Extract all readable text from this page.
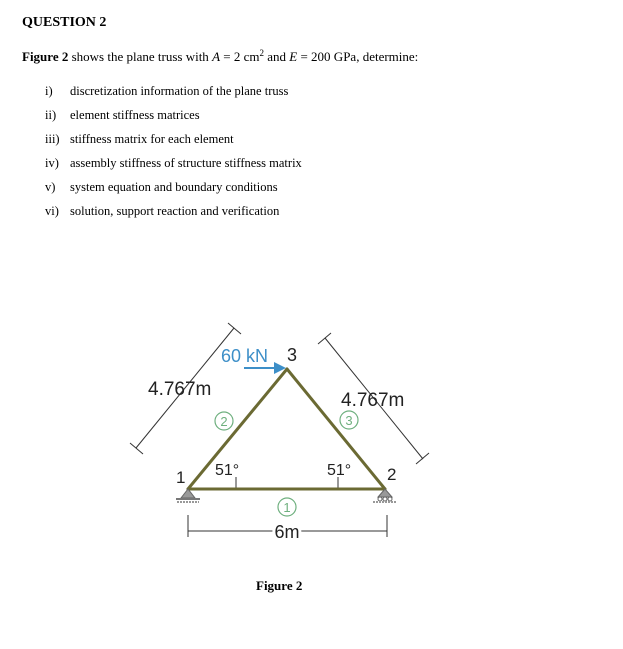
QUESTION 2
Figure 2 shows the plane truss with A = 2 $cm^2$ and E = 200 GPa, determine:
i)	discretization information of the plane truss
ii)	element stiffness matrices
iii) stiffness matrix for each element
iv) assembly stiffness of structure stiffness matrix
v)	system equation and boundary conditions
vi) solution, support reaction and verification
1
2	3
60 kN 3
1	2
4.767m
4.767m
51°	51°
6m
Figure 2
